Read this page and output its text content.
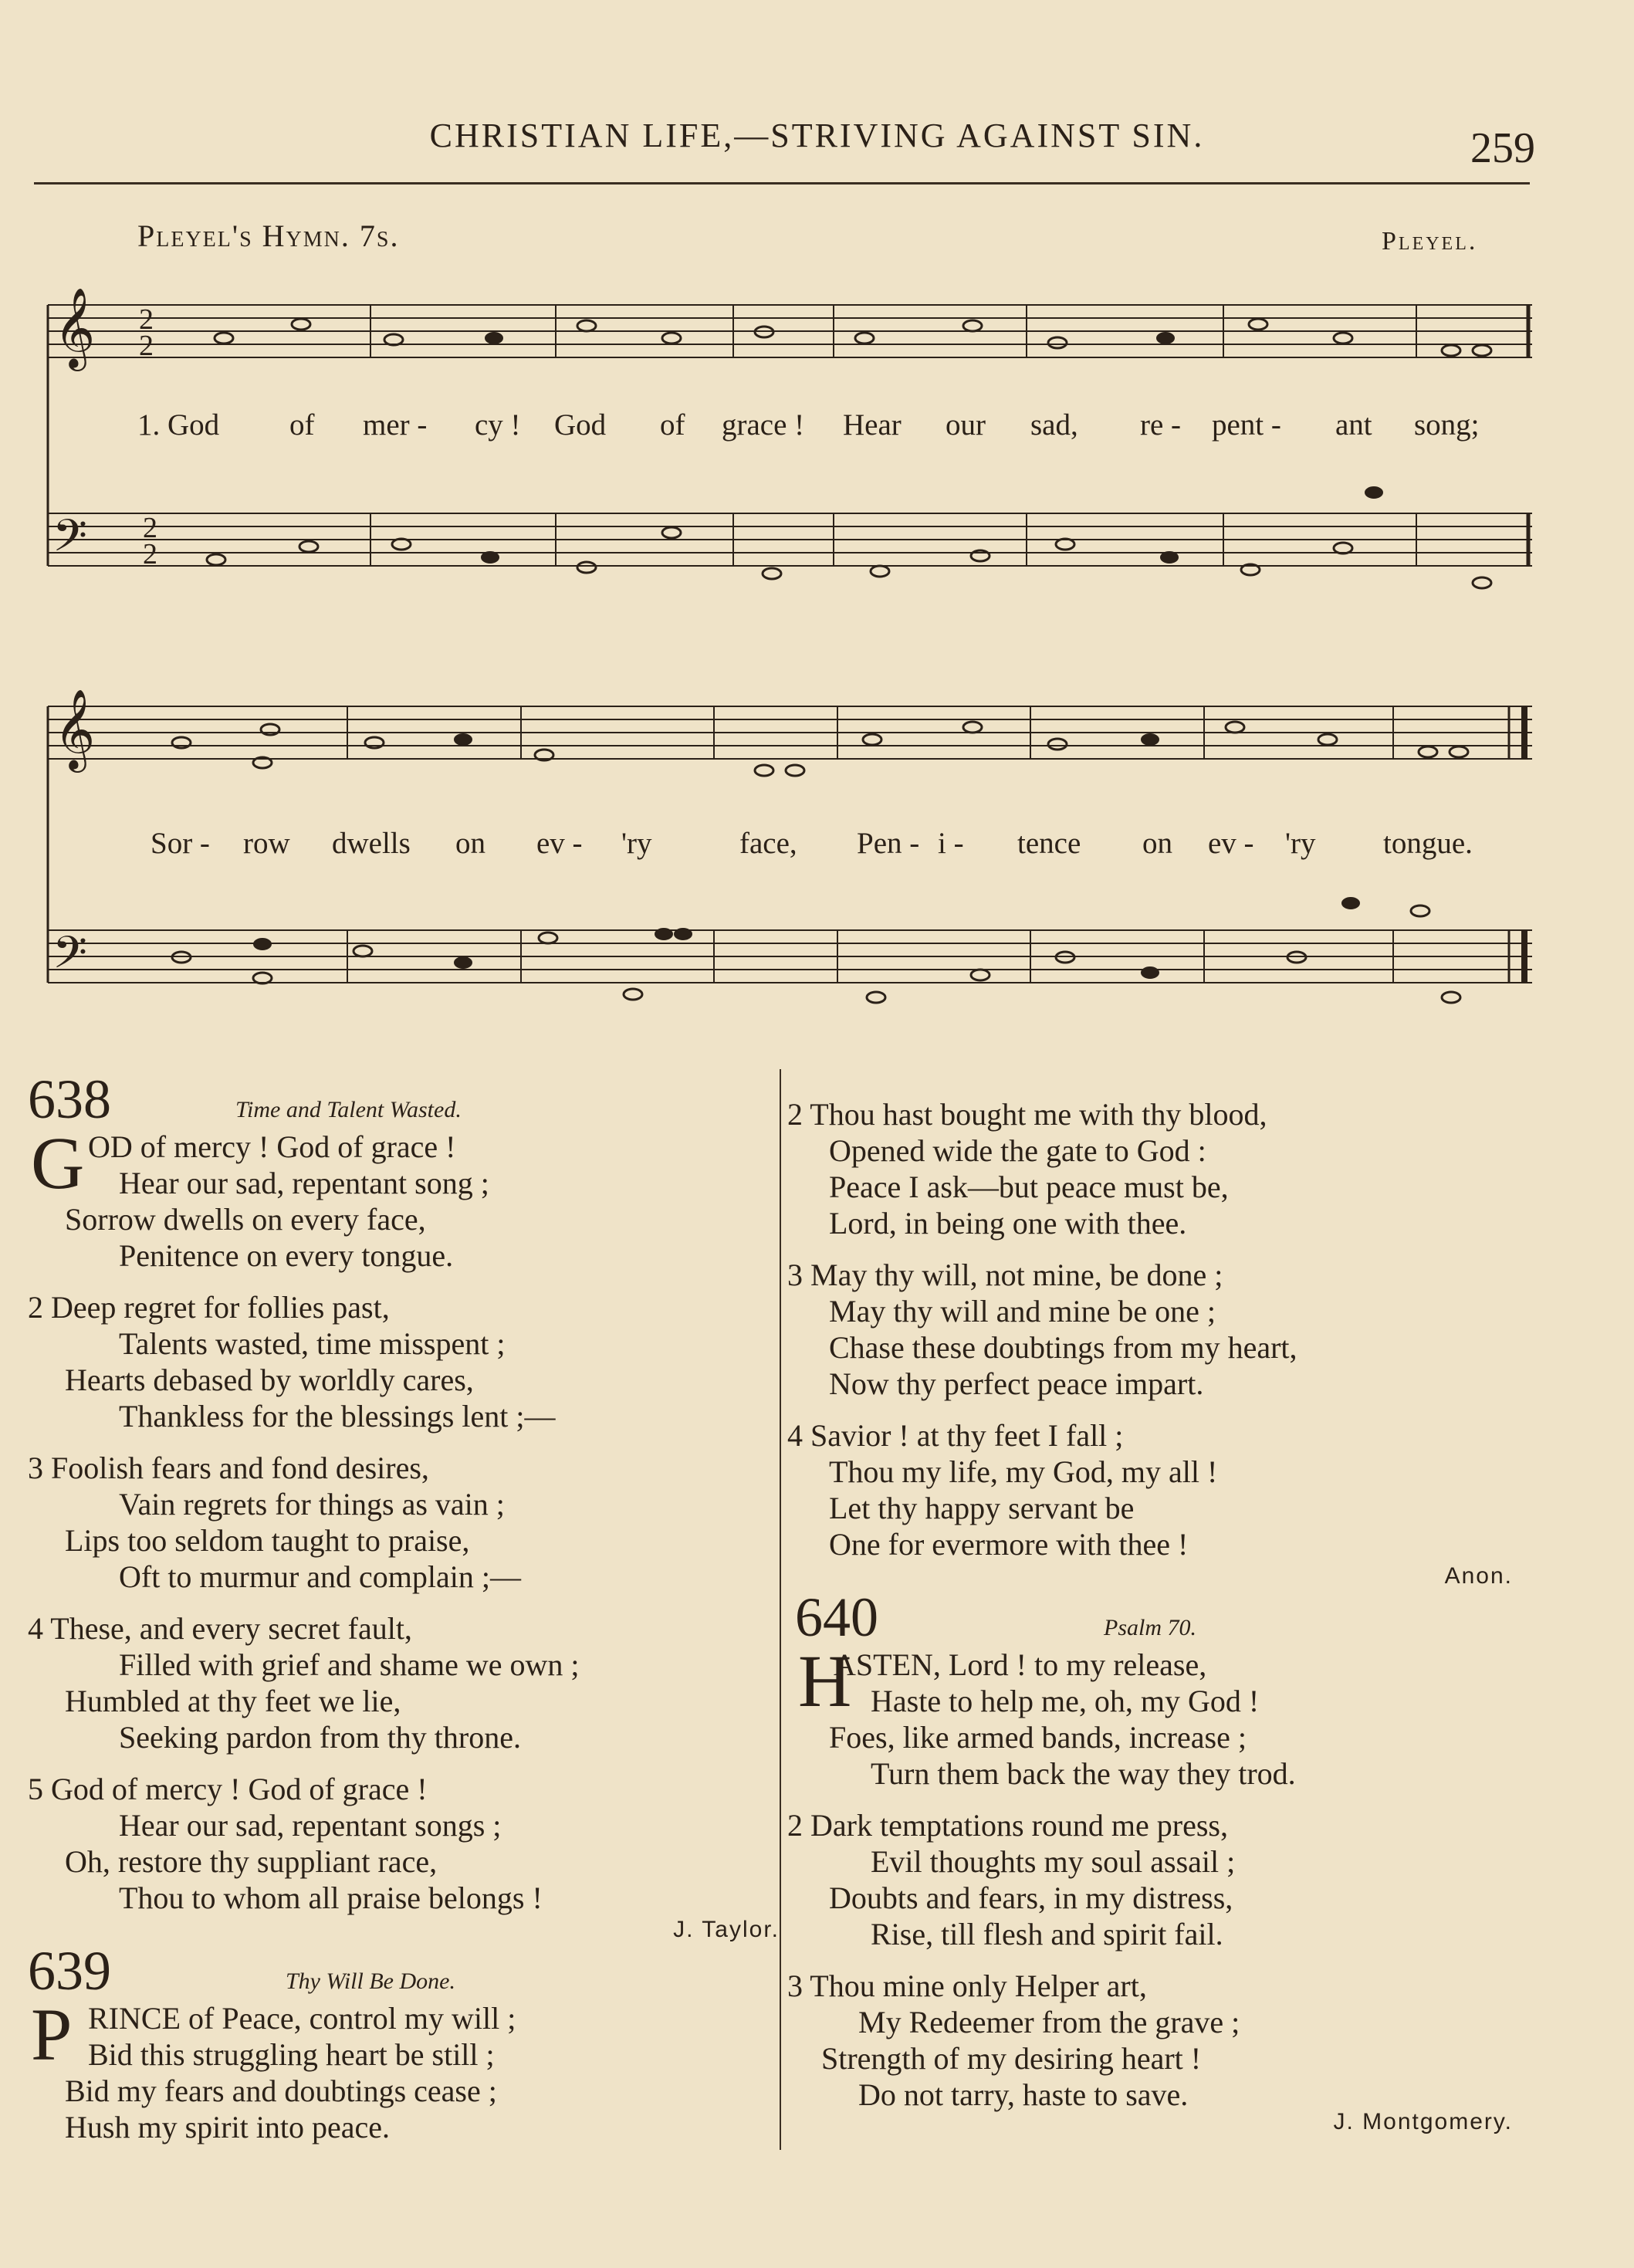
CHRISTIAN LIFE,—STRIVING AGAINST SIN.	259
Pleyel's Hymn. 7s.	Pleyel.
𝄞
𝄢
2
2
2
2
1. God of mer - cy ! God of grace ! Hear our sad, re - pent - ant song;
𝄞
𝄢
Sor - row dwells on ev - 'ry	face, Pen - i - tence on ev - 'ry tongue.
638	Time and Talent Wasted.
G OD of mercy ! God of grace !
Hear our sad, repentant song ;
Sorrow dwells on every face,
Penitence on every tongue.
2 Deep regret for follies past,
Talents wasted, time misspent ;
Hearts debased by worldly cares,
Thankless for the blessings lent ;—
3 Foolish fears and fond desires,
Vain regrets for things as vain ;
Lips too seldom taught to praise,
Oft to murmur and complain ;—
4 These, and every secret fault,
Filled with grief and shame we own ;
Humbled at thy feet we lie,
Seeking pardon from thy throne.
5 God of mercy ! God of grace !
Hear our sad, repentant songs ;
Oh, restore thy suppliant race,
Thou to whom all praise belongs !
J. Taylor.
639	Thy Will Be Done.
P RINCE of Peace, control my will ;
Bid this struggling heart be still ;
Bid my fears and doubtings cease ;
Hush my spirit into peace.
2 Thou hast bought me with thy blood,
Opened wide the gate to God :
Peace I ask—but peace must be,
Lord, in being one with thee.
3 May thy will, not mine, be done ;
May thy will and mine be one ;
Chase these doubtings from my heart,
Now thy perfect peace impart.
4 Savior ! at thy feet I fall ;
Thou my life, my God, my all !
Let thy happy servant be
One for evermore with thee !
Anon.
640	Psalm 70.
H
ASTEN, Lord ! to my release,
Haste to help me, oh, my God !
Foes, like armed bands, increase ;
Turn them back the way they trod.
2 Dark temptations round me press,
Evil thoughts my soul assail ;
Doubts and fears, in my distress,
Rise, till flesh and spirit fail.
3 Thou mine only Helper art,
My Redeemer from the grave ;
Strength of my desiring heart !
Do not tarry, haste to save.
J. Montgomery.
